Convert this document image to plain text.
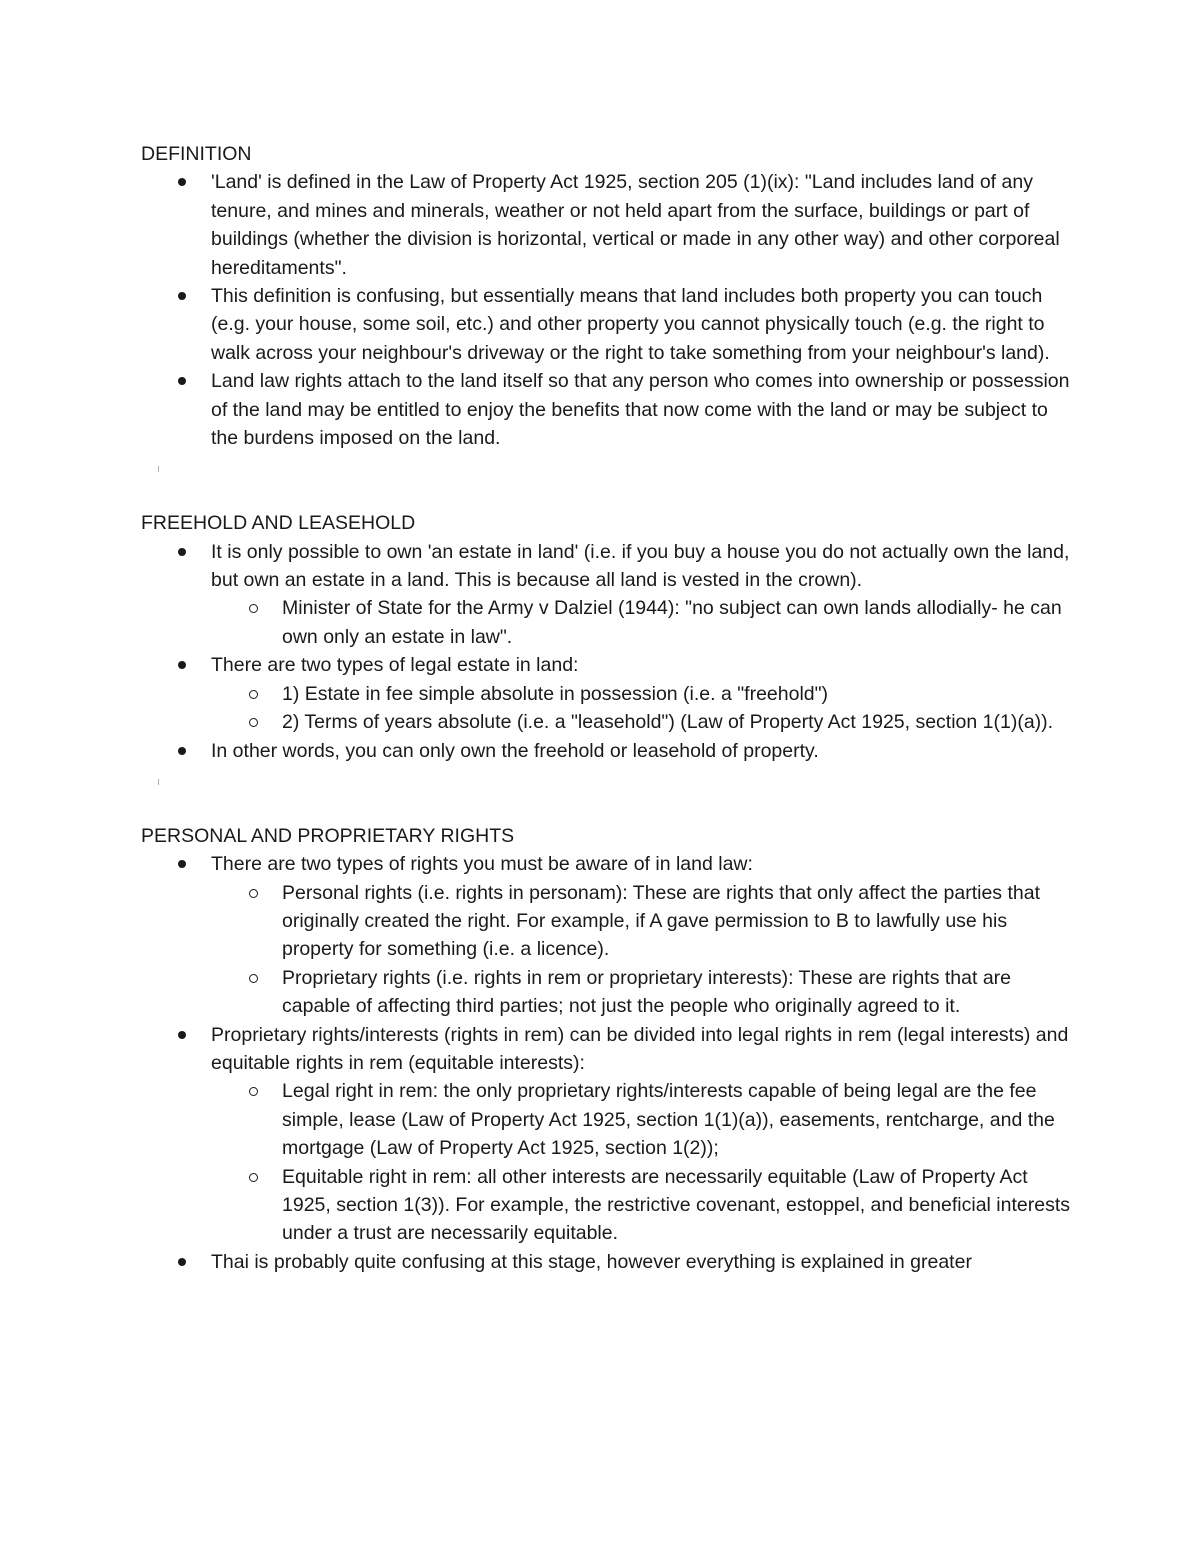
DEFINITION
'Land' is defined in the Law of Property Act 1925, section 205 (1)(ix): "Land includes land of any tenure, and mines and minerals, weather or not held apart from the surface, buildings or part of buildings (whether the division is horizontal, vertical or made in any other way) and other corporeal hereditaments".
This definition is confusing, but essentially means that land includes both property you can touch (e.g. your house, some soil, etc.) and other property you cannot physically touch (e.g. the right to walk across your neighbour's driveway or the right to take something from your neighbour's land).
Land law rights attach to the land itself so that any person who comes into ownership or possession of the land may be entitled to enjoy the benefits that now come with the land or may be subject to the burdens imposed on the land.
FREEHOLD AND LEASEHOLD
It is only possible to own 'an estate in land' (i.e. if you buy a house you do not actually own the land, but own an estate in a land. This is because all land is vested in the crown).
Minister of State for the Army v Dalziel (1944): "no subject can own lands allodially- he can own only an estate in law".
There are two types of legal estate in land:
1) Estate in fee simple absolute in possession (i.e. a "freehold")
2) Terms of years absolute (i.e. a "leasehold") (Law of Property Act 1925, section 1(1)(a)).
In other words, you can only own the freehold or leasehold of property.
PERSONAL AND PROPRIETARY RIGHTS
There are two types of rights you must be aware of in land law:
Personal rights (i.e. rights in personam): These are rights that only affect the parties that originally created the right. For example, if A gave permission to B to lawfully use his property for something (i.e. a licence).
Proprietary rights (i.e. rights in rem or proprietary interests): These are rights that are capable of affecting third parties; not just the people who originally agreed to it.
Proprietary rights/interests (rights in rem) can be divided into legal rights in rem (legal interests) and equitable rights in rem (equitable interests):
Legal right in rem: the only proprietary rights/interests capable of being legal are the fee simple, lease (Law of Property Act 1925, section 1(1)(a)), easements, rentcharge, and the mortgage (Law of Property Act 1925, section 1(2));
Equitable right in rem: all other interests are necessarily equitable (Law of Property Act 1925, section 1(3)). For example, the restrictive covenant, estoppel, and beneficial interests under a trust are necessarily equitable.
Thai is probably quite confusing at this stage, however everything is explained in greater
